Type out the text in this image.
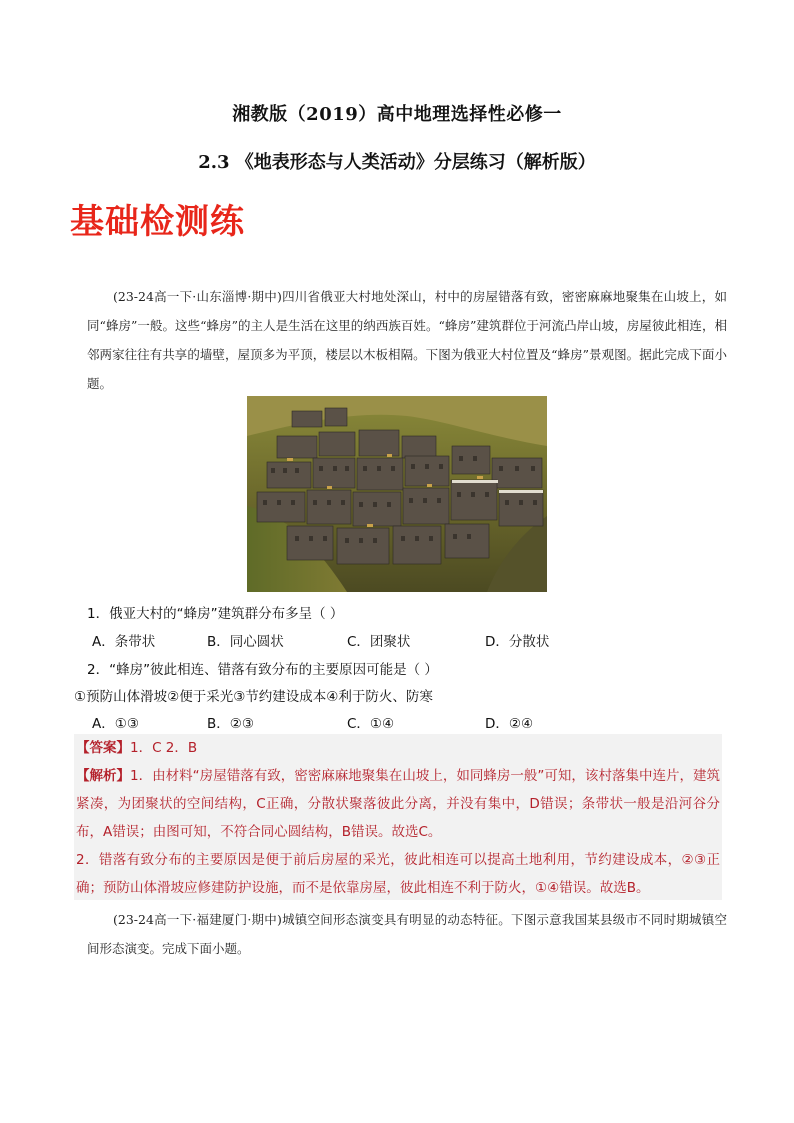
湘教版（2019）高中地理选择性必修一
2.3 《地表形态与人类活动》分层练习（解析版）
基础检测练
(23-24高一下·山东淄博·期中)四川省俄亚大村地处深山，村中的房屋错落有致，密密麻麻地聚集在山坡上，如同“蜂房”一般。这些“蜂房”的主人是生活在这里的纳西族百姓。“蜂房”建筑群位于河流凸岸山坡，房屋彼此相连，相邻两家往往有共享的墙壁，屋顶多为平顶，楼层以木板相隔。下图为俄亚大村位置及“蜂房”景观图。据此完成下面小题。
1．俄亚大村的“蜂房”建筑群分布多呈（ ）
A．条带状	B．同心圆状	C．团聚状	D．分散状
2．“蜂房”彼此相连、错落有致分布的主要原因可能是（ ）
①预防山体滑坡②便于采光③节约建设成本④利于防火、防寒
A．①③	B．②③	C．①④	D．②④
【答案】1．C 2．B
【解析】1．由材料“房屋错落有致，密密麻麻地聚集在山坡上，如同蜂房一般”可知，该村落集中连片，建筑紧凑，为团聚状的空间结构，C正确，分散状聚落彼此分离，并没有集中，D错误；条带状一般是沿河谷分布，A错误；由图可知，不符合同心圆结构，B错误。故选C。
2．错落有致分布的主要原因是便于前后房屋的采光，彼此相连可以提高土地利用，节约建设成本，②③正确；预防山体滑坡应修建防护设施，而不是依靠房屋，彼此相连不利于防火，①④错误。故选B。
(23-24高一下·福建厦门·期中)城镇空间形态演变具有明显的动态特征。下图示意我国某县级市不同时期城镇空间形态演变。完成下面小题。
